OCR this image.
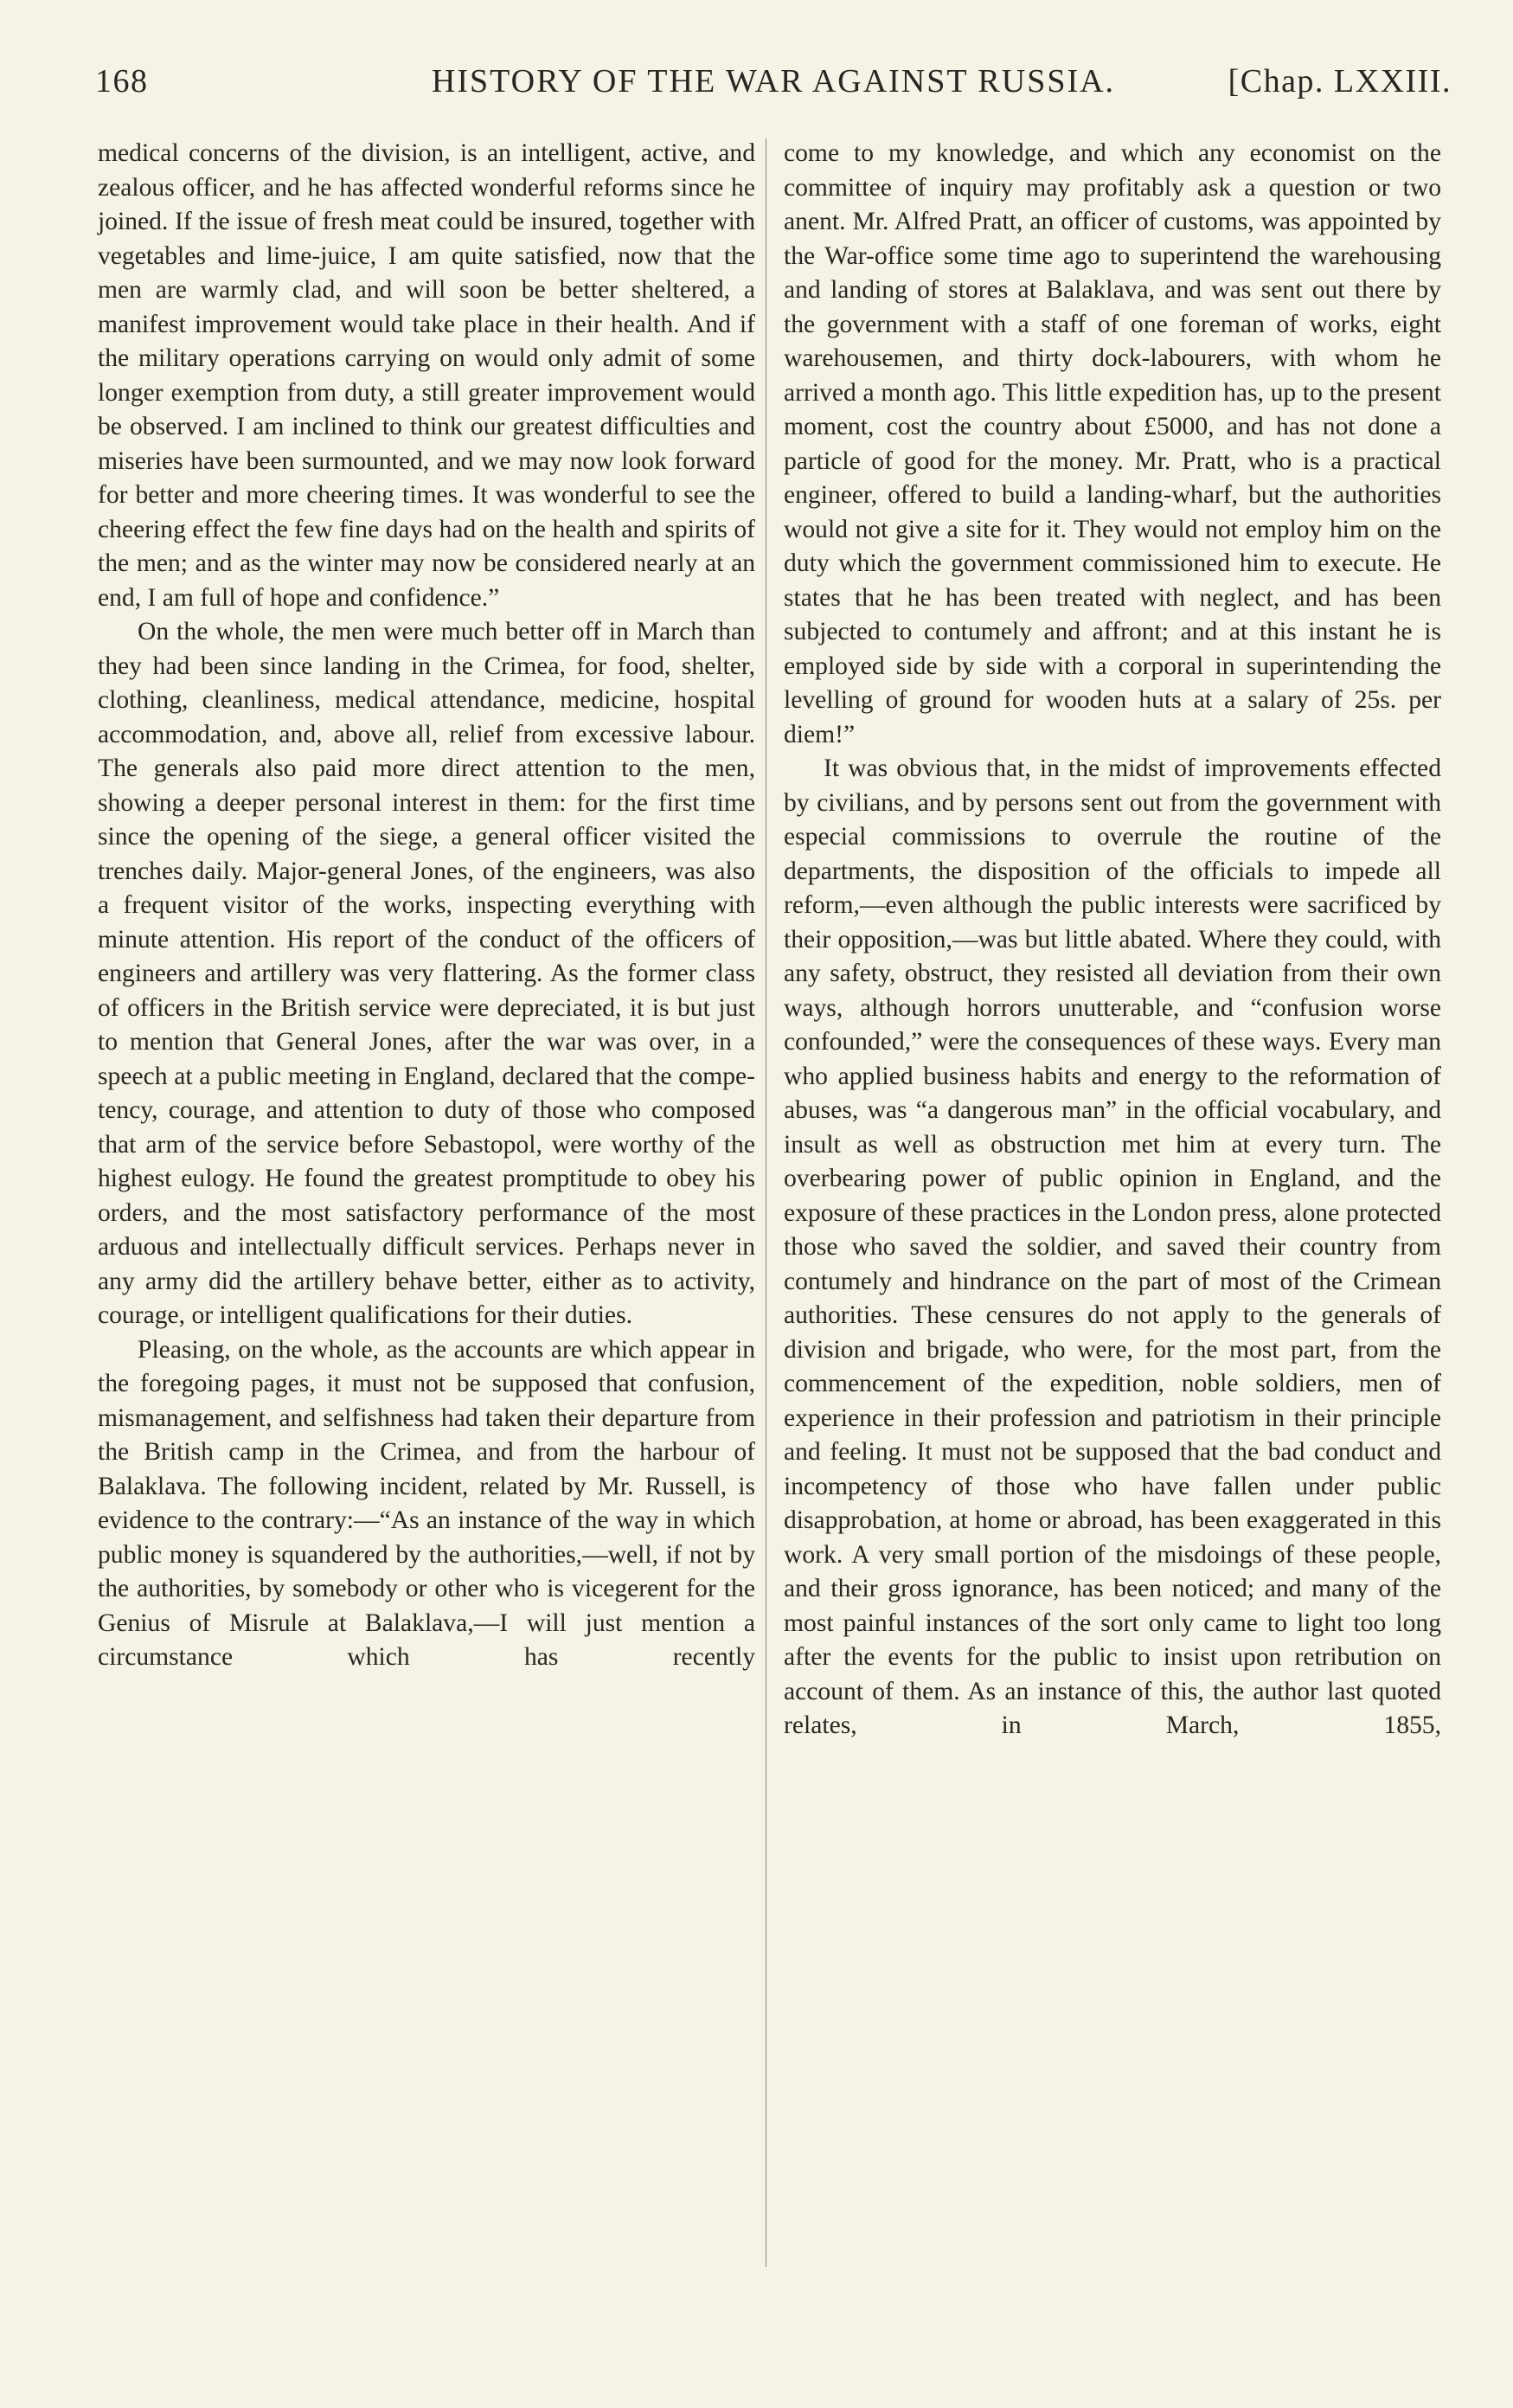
168	HISTORY OF THE WAR AGAINST RUSSIA.	[Chap. LXXIII.

medical concerns of the division, is an intelligent, active, and zealous officer, and he has affected wonderful reforms since he joined. If the issue of fresh meat could be insured, together with vegetables and lime-juice, I am quite satisfied, now that the men are warmly clad, and will soon be better sheltered, a manifest improvement would take place in their health. And if the military operations carrying on would only admit of some longer exemption from duty, a still greater improvement would be observed. I am inclined to think our greatest difficulties and miseries have been surmounted, and we may now look forward for better and more cheering times. It was wonderful to see the cheering effect the few fine days had on the health and spirits of the men; and as the winter may now be considered nearly at an end, I am full of hope and confidence.”

On the whole, the men were much better off in March than they had been since landing in the Crimea, for food, shelter, clothing, cleanliness, medical attendance, medicine, hospital accommodation, and, above all, relief from excessive labour. The generals also paid more direct attention to the men, showing a deeper personal interest in them: for the first time since the opening of the siege, a general officer visited the trenches daily. Major-general Jones, of the engineers, was also a frequent visitor of the works, inspecting everything with minute attention. His report of the conduct of the officers of engineers and artillery was very flattering. As the former class of officers in the British service were depreciated, it is but just to mention that General Jones, after the war was over, in a speech at a public meeting in England, declared that the competency, courage, and attention to duty of those who composed that arm of the service before Sebastopol, were worthy of the highest eulogy. He found the greatest promptitude to obey his orders, and the most satisfactory performance of the most arduous and intellectually difficult services. Perhaps never in any army did the artillery behave better, either as to activity, courage, or intelligent qualifications for their duties.

Pleasing, on the whole, as the accounts are which appear in the foregoing pages, it must not be supposed that confusion, mismanagement, and selfishness had taken their departure from the British camp in the Crimea, and from the harbour of Balaklava. The following incident, related by Mr. Russell, is evidence to the contrary:—“As an instance of the way in which public money is squandered by the authorities,—well, if not by the authorities, by somebody or other who is vicegerent for the Genius of Misrule at Balaklava,—I will just mention a circumstance which has recently

come to my knowledge, and which any economist on the committee of inquiry may profitably ask a question or two anent. Mr. Alfred Pratt, an officer of customs, was appointed by the War-office some time ago to superintend the warehousing and landing of stores at Balaklava, and was sent out there by the government with a staff of one foreman of works, eight warehousemen, and thirty dock-labourers, with whom he arrived a month ago. This little expedition has, up to the present moment, cost the country about £5000, and has not done a particle of good for the money. Mr. Pratt, who is a practical engineer, offered to build a landing-wharf, but the authorities would not give a site for it. They would not employ him on the duty which the government commissioned him to execute. He states that he has been treated with neglect, and has been subjected to contumely and affront; and at this instant he is employed side by side with a corporal in superintending the levelling of ground for wooden huts at a salary of 25s. per diem!”

It was obvious that, in the midst of improvements effected by civilians, and by persons sent out from the government with especial commissions to overrule the routine of the departments, the disposition of the officials to impede all reform,—even although the public interests were sacrificed by their opposition,—was but little abated. Where they could, with any safety, obstruct, they resisted all deviation from their own ways, although horrors unutterable, and “confusion worse confounded,” were the consequences of these ways. Every man who applied business habits and energy to the reformation of abuses, was “a dangerous man” in the official vocabulary, and insult as well as obstruction met him at every turn. The overbearing power of public opinion in England, and the exposure of these practices in the London press, alone protected those who saved the soldier, and saved their country from contumely and hindrance on the part of most of the Crimean authorities. These censures do not apply to the generals of division and brigade, who were, for the most part, from the commencement of the expedition, noble soldiers, men of experience in their profession and patriotism in their principle and feeling. It must not be supposed that the bad conduct and incompetency of those who have fallen under public disapprobation, at home or abroad, has been exaggerated in this work. A very small portion of the misdoings of these people, and their gross ignorance, has been noticed; and many of the most painful instances of the sort only came to light too long after the events for the public to insist upon retribution on account of them. As an instance of this, the author last quoted relates, in March, 1855,
